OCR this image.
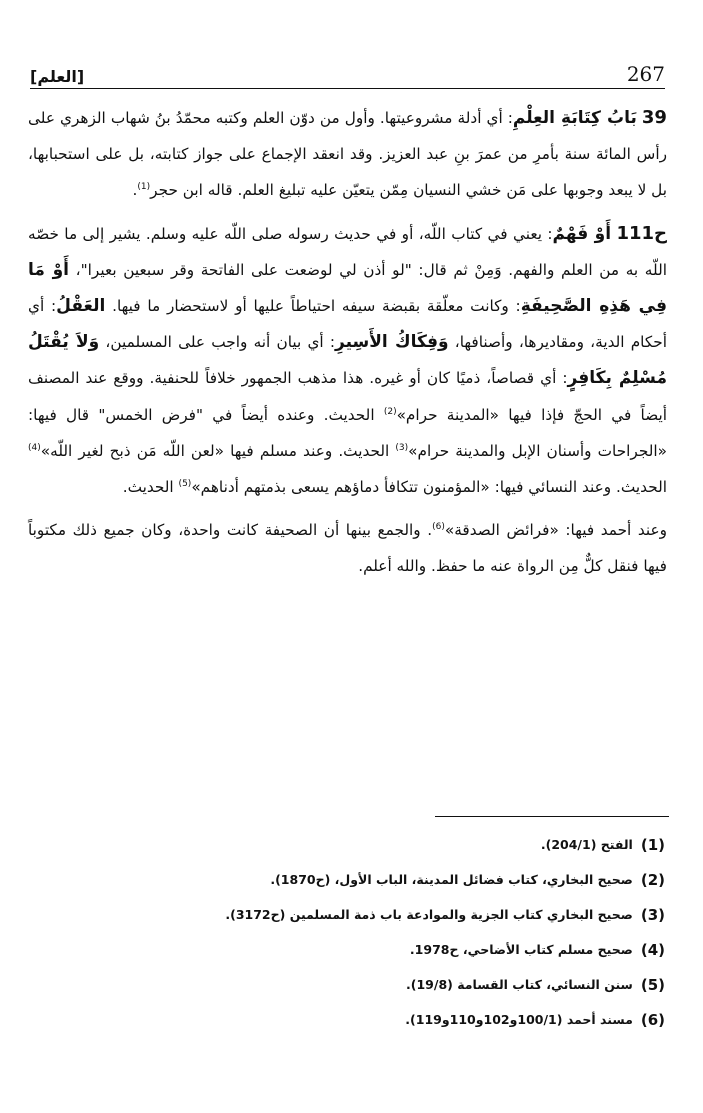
[العلم]	267

39 بَابُ كِتَابَةِ العِلْمِ: أي أدلة مشروعيتها. وأول من دوّن العلم وكتبه محمّدُ بنُ شهاب الزهري على رأس المائة سنة بأمرِ من عمرَ بنِ عبد العزيز. وقد انعقد الإجماع على جواز كتابته، بل على استحبابها، بل لا يبعد وجوبها على مَن خشي النسيان مِمّن يتعيّن عليه تبليغ العلم. قاله ابن حجر$^{(1)}$.

ح111 أَوْ فَهْمٌ: يعني في كتاب اللّه، أو في حديث رسوله صلى اللّه عليه وسلم. يشير إلى ما خصّه اللّه به من العلم والفهم. وَمِنْ ثم قال: "لو أذن لي لوضعت على الفاتحة وقر سبعين بعيرا"، أَوْ مَا فِي هَذِهِ الصَّحِيفَةِ: وكانت معلّقة بقبضة سيفه احتياطاً عليها أو لاستحضار ما فيها. العَقْلُ: أي أحكام الدية، ومقاديرها، وأصنافها، وَفِكَاكُ الأَسِيرِ: أي بيان أنه واجب على المسلمين، وَلاَ يُقْتَلُ مُسْلِمٌ بِكَافِرٍ: أي قصاصاً، ذميًا كان أو غيره. هذا مذهب الجمهور خلافاً للحنفية. ووقع عند المصنف أيضاً في الحجّ فإذا فيها «المدينة حرام»$^{(2)}$ الحديث. وعنده أيضاً في "فرض الخمس" قال فيها: «الجراحات وأسنان الإبل والمدينة حرام»$^{(3)}$ الحديث. وعند مسلم فيها «لعن اللّه مَن ذبح لغير اللّه»$^{(4)}$ الحديث. وعند النسائي فيها: «المؤمنون تتكافأ دماؤهم يسعى بذمتهم أدناهم»$^{(5)}$ الحديث.

وعند أحمد فيها: «فرائض الصدقة»$^{(6)}$. والجمع بينها أن الصحيفة كانت واحدة، وكان جميع ذلك مكتوباً فيها فنقل كلٌّ مِن الرواة عنه ما حفظ. والله أعلم.

(1)
الفتح (204/1).
(2)
صحيح البخاري، كتاب فضائل المدينة، الباب الأول، (ح1870).
(3)
صحيح البخاري كتاب الجزية والموادعة باب ذمة المسلمين (ح3172).
(4)
صحيح مسلم كتاب الأضاحي، ح1978.
(5)
سنن النسائي، كتاب القسامة (19/8).
(6)
مسند أحمد (100/1و102و110و119).
